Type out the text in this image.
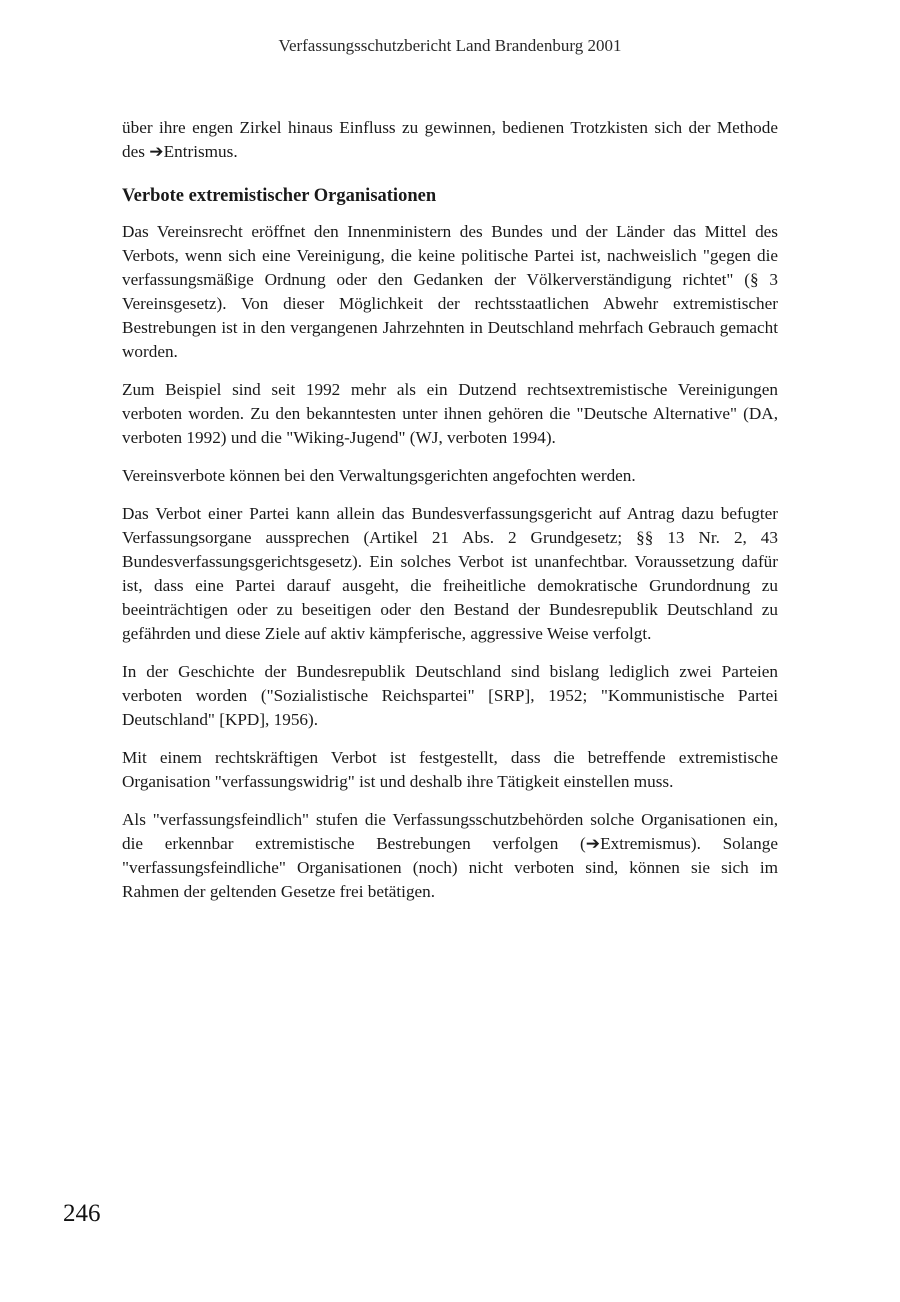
Verfassungsschutzbericht Land Brandenburg 2001

über ihre engen Zirkel hinaus Einfluss zu gewinnen, bedienen Trotzkisten sich der Methode des ➔Entrismus.

Verbote extremistischer Organisationen

Das Vereinsrecht eröffnet den Innenministern des Bundes und der Länder das Mittel des Verbots, wenn sich eine Vereinigung, die keine politische Partei ist, nachweislich "gegen die verfassungsmäßige Ordnung oder den Gedanken der Völkerverständigung richtet" (§ 3 Vereinsgesetz). Von dieser Möglichkeit der rechtsstaatlichen Abwehr extremistischer Bestrebungen ist in den vergangenen Jahrzehnten in Deutschland mehrfach Gebrauch gemacht worden.

Zum Beispiel sind seit 1992 mehr als ein Dutzend rechtsextremistische Vereinigungen verboten worden. Zu den bekanntesten unter ihnen gehören die "Deutsche Alternative" (DA, verboten 1992) und die "Wiking-Jugend" (WJ, verboten 1994).

Vereinsverbote können bei den Verwaltungsgerichten angefochten werden.

Das Verbot einer Partei kann allein das Bundesverfassungsgericht auf Antrag dazu befugter Verfassungsorgane aussprechen (Artikel 21 Abs. 2 Grundgesetz; §§ 13 Nr. 2, 43 Bundesverfassungsgerichtsgesetz). Ein solches Verbot ist unanfechtbar. Voraussetzung dafür ist, dass eine Partei darauf ausgeht, die freiheitliche demokratische Grundordnung zu beeinträchtigen oder zu beseitigen oder den Bestand der Bundesrepublik Deutschland zu gefährden und diese Ziele auf aktiv kämpferische, aggressive Weise verfolgt.

In der Geschichte der Bundesrepublik Deutschland sind bislang lediglich zwei Parteien verboten worden ("Sozialistische Reichspartei" [SRP], 1952; "Kommunistische Partei Deutschland" [KPD], 1956).

Mit einem rechtskräftigen Verbot ist festgestellt, dass die betreffende extremistische Organisation "verfassungswidrig" ist und deshalb ihre Tätigkeit einstellen muss.

Als "verfassungsfeindlich" stufen die Verfassungsschutzbehörden solche Organisationen ein, die erkennbar extremistische Bestrebungen verfolgen (➔Extremismus). Solange "verfassungsfeindliche" Organisationen (noch) nicht verboten sind, können sie sich im Rahmen der geltenden Gesetze frei betätigen.

246
